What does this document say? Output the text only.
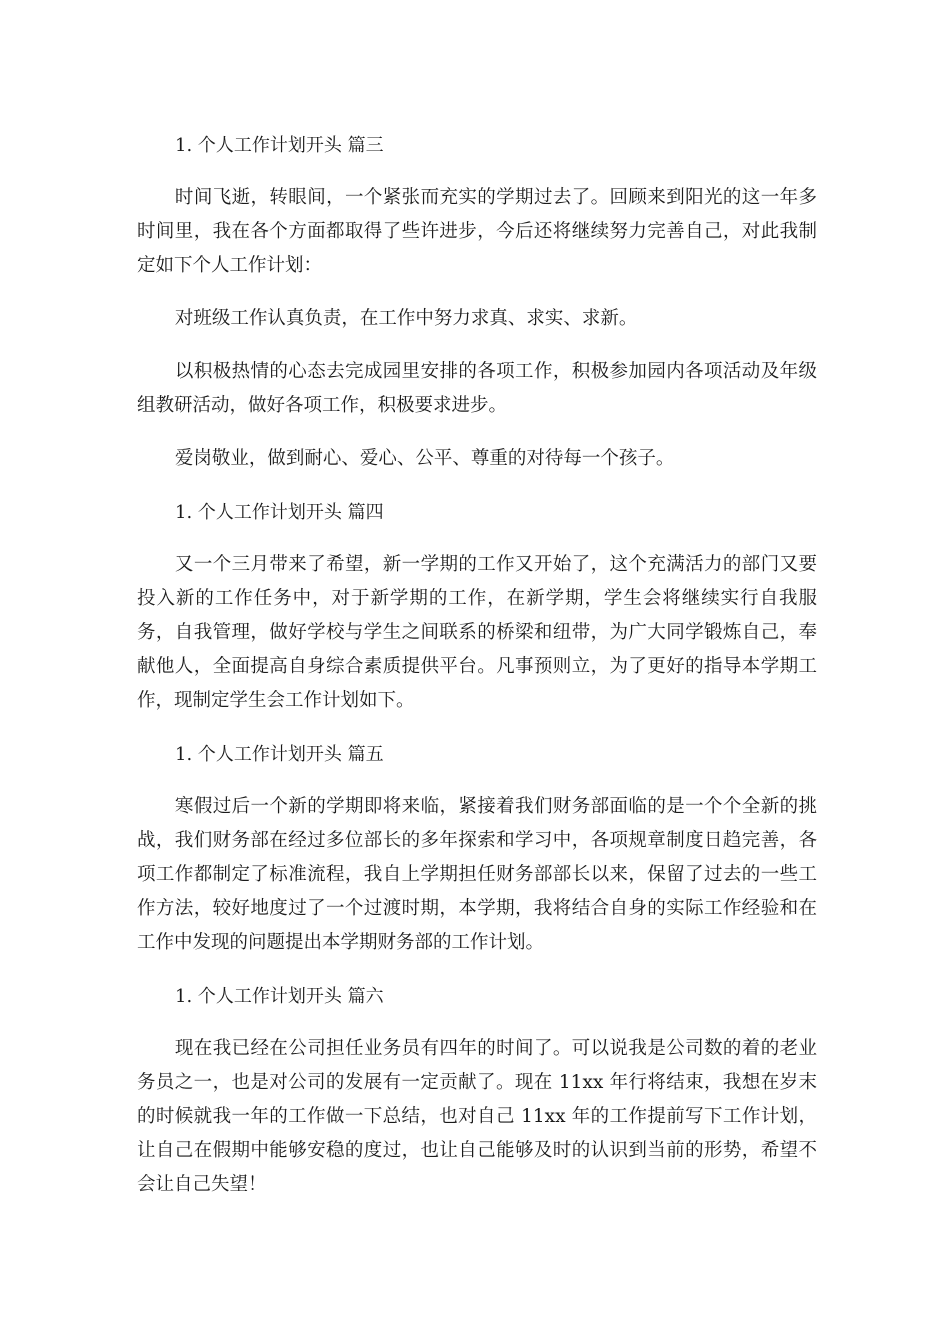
1. 个人工作计划开头 篇三

时间飞逝，转眼间，一个紧张而充实的学期过去了。回顾来到阳光的这一年多时间里，我在各个方面都取得了些许进步，今后还将继续努力完善自己，对此我制定如下个人工作计划：

对班级工作认真负责，在工作中努力求真、求实、求新。

以积极热情的心态去完成园里安排的各项工作，积极参加园内各项活动及年级组教研活动，做好各项工作，积极要求进步。

爱岗敬业，做到耐心、爱心、公平、尊重的对待每一个孩子。

1. 个人工作计划开头 篇四

又一个三月带来了希望，新一学期的工作又开始了，这个充满活力的部门又要投入新的工作任务中，对于新学期的工作，在新学期，学生会将继续实行自我服务，自我管理，做好学校与学生之间联系的桥梁和纽带，为广大同学锻炼自己，奉献他人，全面提高自身综合素质提供平台。凡事预则立，为了更好的指导本学期工作，现制定学生会工作计划如下。

1. 个人工作计划开头 篇五

寒假过后一个新的学期即将来临，紧接着我们财务部面临的是一个个全新的挑战，我们财务部在经过多位部长的多年探索和学习中，各项规章制度日趋完善，各项工作都制定了标准流程，我自上学期担任财务部部长以来，保留了过去的一些工作方法，较好地度过了一个过渡时期，本学期，我将结合自身的实际工作经验和在工作中发现的问题提出本学期财务部的工作计划。

1. 个人工作计划开头 篇六

现在我已经在公司担任业务员有四年的时间了。可以说我是公司数的着的老业务员之一，也是对公司的发展有一定贡献了。现在 11xx 年行将结束，我想在岁末的时候就我一年的工作做一下总结，也对自己 11xx 年的工作提前写下工作计划，让自己在假期中能够安稳的度过，也让自己能够及时的认识到当前的形势，希望不会让自己失望！
